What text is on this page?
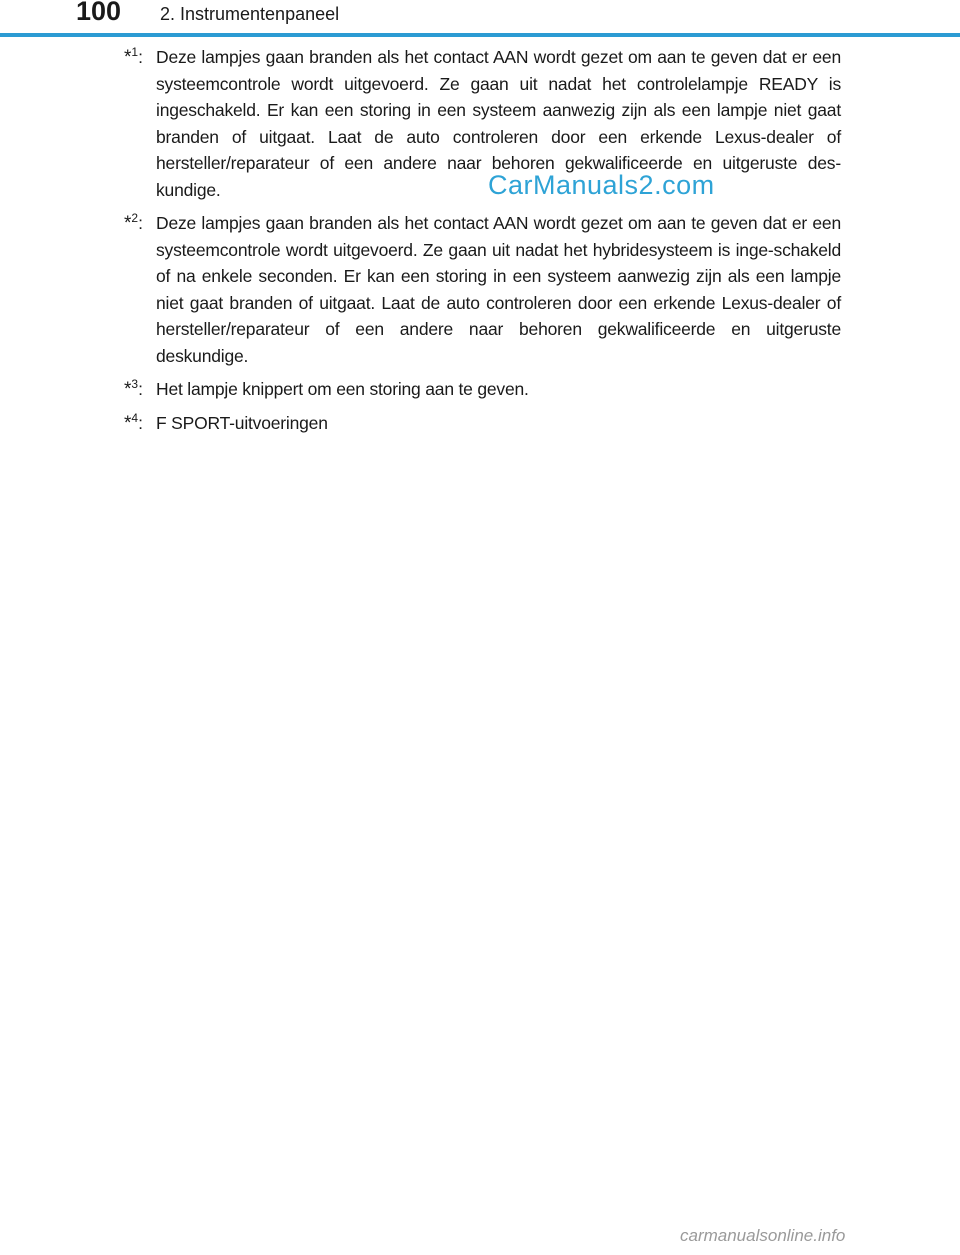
100 2. Instrumentenpaneel
*$^1$: Deze lampjes gaan branden als het contact AAN wordt gezet om aan te geven dat er een systeemcontrole wordt uitgevoerd. Ze gaan uit nadat het controlelampje READY is ingeschakeld. Er kan een storing in een systeem aanwezig zijn als een lampje niet gaat branden of uitgaat. Laat de auto controleren door een erkende Lexus-dealer of hersteller/reparateur of een andere naar behoren gekwalificeerde en uitgeruste des-kundige.
*$^2$: Deze lampjes gaan branden als het contact AAN wordt gezet om aan te geven dat er een systeemcontrole wordt uitgevoerd. Ze gaan uit nadat het hybridesysteem is inge-schakeld of na enkele seconden. Er kan een storing in een systeem aanwezig zijn als een lampje niet gaat branden of uitgaat. Laat de auto controleren door een erkende Lexus-dealer of hersteller/reparateur of een andere naar behoren gekwalificeerde en uitgeruste deskundige.
*$^3$: Het lampje knippert om een storing aan te geven.
*$^4$: F SPORT-uitvoeringen
CarManuals2.com
carmanualsonline.info
